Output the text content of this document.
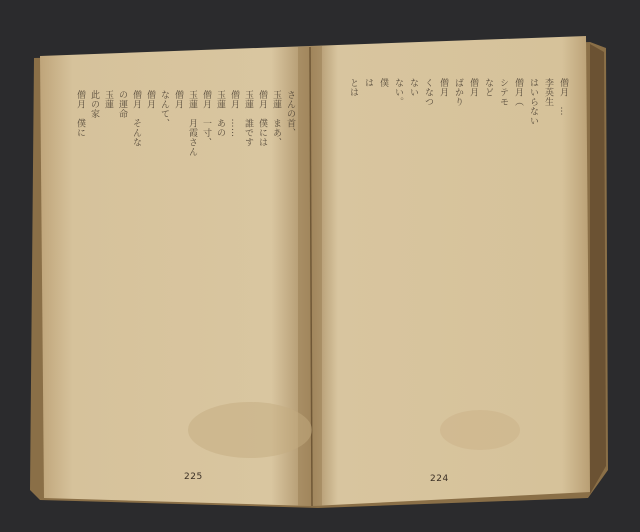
さんの首、
玉蓮　まあ、
僧月　僕には
玉蓮　誰です
僧月　……
玉蓮　あの
僧月　一寸、
玉蓮　月霞さん
僧月　
なんて、
僧月　
僧月　そんな
の運命
玉蓮　
此の家
僧月　僕に	僧月　…
李英生
はいらない
僧月（
シテモ
など
僧月
ばかり
僧月　
くなつ
ない
ない。
僕
は
とは
225	224
